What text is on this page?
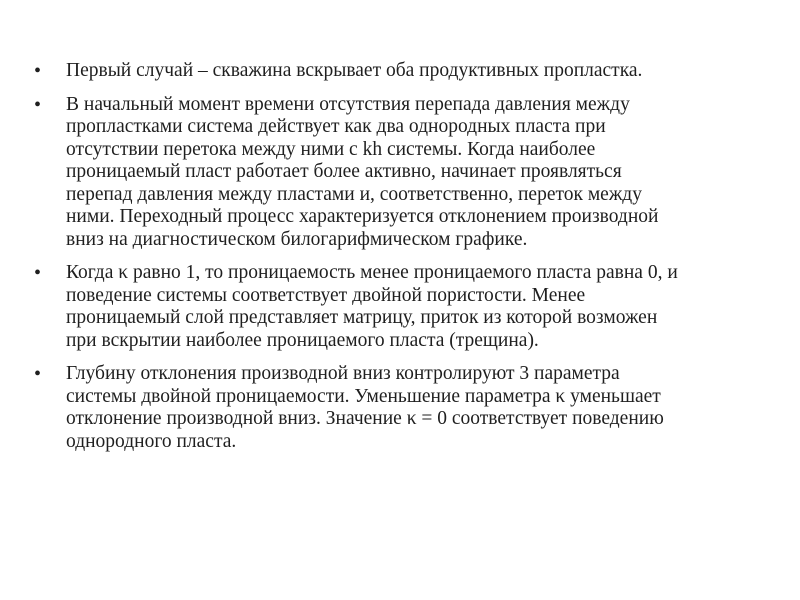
•	Первый случай – скважина вскрывает оба продуктивных пропластка.
•	В начальный момент времени отсутствия перепада давления между
пропластками система действует как два однородных пласта при
отсутствии перетока между ними с kh системы. Когда наиболее
проницаемый пласт работает более активно, начинает проявляться
перепад давления между пластами и, соответственно, переток между
ними. Переходный процесс характеризуется отклонением производной
вниз на диагностическом билогарифмическом графике.
•	Когда κ равно 1, то проницаемость менее проницаемого пласта равна 0, и
поведение системы соответствует двойной пористости. Менее
проницаемый слой представляет матрицу, приток из которой возможен
при вскрытии наиболее проницаемого пласта (трещина).
•	Глубину отклонения производной вниз контролируют 3 параметра
системы двойной проницаемости. Уменьшение параметра κ уменьшает
отклонение производной вниз. Значение κ = 0 соответствует поведению
однородного пласта.
